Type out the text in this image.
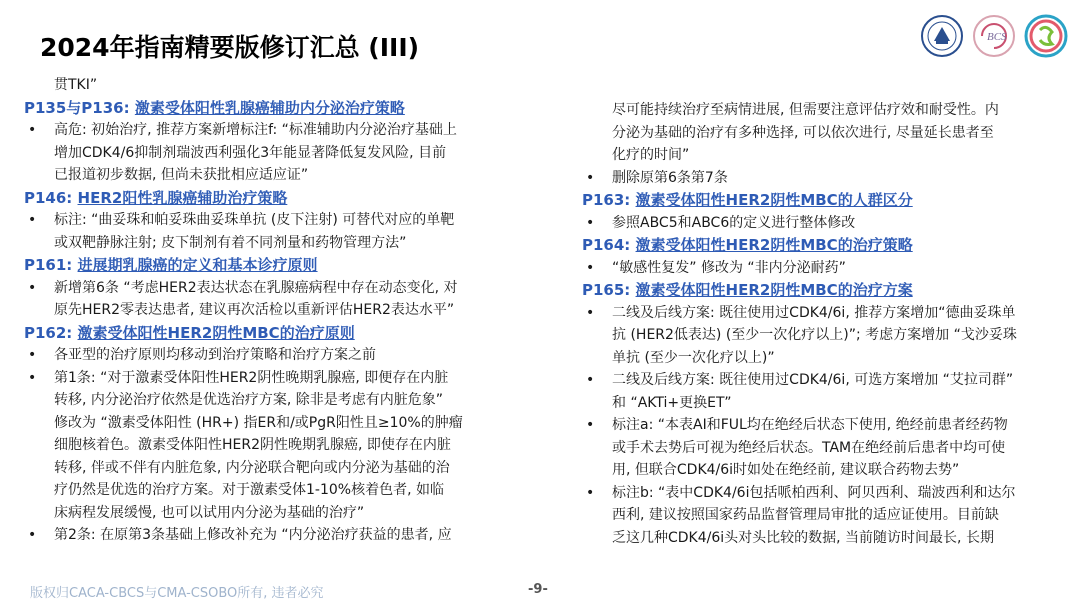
2024年指南精要版修订汇总 (III)	BCS
贯TKI”
P135与P136: 激素受体阳性乳腺癌辅助内分泌治疗策略
• 高危: 初始治疗, 推荐方案新增标注f: “标准辅助内分泌治疗基础上
增加CDK4/6抑制剂瑞波西利强化3年能显著降低复发风险, 目前
已报道初步数据, 但尚未获批相应适应证”
P146: HER2阳性乳腺癌辅助治疗策略
• 标注: “曲妥珠和帕妥珠曲妥珠单抗 (皮下注射) 可替代对应的单靶
或双靶静脉注射; 皮下制剂有着不同剂量和药物管理方法”
P161: 进展期乳腺癌的定义和基本诊疗原则
• 新增第6条 “考虑HER2表达状态在乳腺癌病程中存在动态变化, 对
原先HER2零表达患者, 建议再次活检以重新评估HER2表达水平”
P162: 激素受体阳性HER2阴性MBC的治疗原则
• 各亚型的治疗原则均移动到治疗策略和治疗方案之前
• 第1条: “对于激素受体阳性HER2阴性晚期乳腺癌, 即便存在内脏
转移, 内分泌治疗依然是优选治疗方案, 除非是考虑有内脏危象”
修改为 “激素受体阳性 (HR+) 指ER和/或PgR阳性且≥10%的肿瘤
细胞核着色。激素受体阳性HER2阴性晚期乳腺癌, 即使存在内脏
转移, 伴或不伴有内脏危象, 内分泌联合靶向或内分泌为基础的治
疗仍然是优选的治疗方案。对于激素受体1-10%核着色者, 如临
床病程发展缓慢, 也可以试用内分泌为基础的治疗”
• 第2条: 在原第3条基础上修改补充为 “内分泌治疗获益的患者, 应
尽可能持续治疗至病情进展, 但需要注意评估疗效和耐受性。内
分泌为基础的治疗有多种选择, 可以依次进行, 尽量延长患者至
化疗的时间”
• 删除原第6条第7条
P163: 激素受体阳性HER2阴性MBC的人群区分
• 参照ABC5和ABC6的定义进行整体修改
P164: 激素受体阳性HER2阴性MBC的治疗策略
• “敏感性复发” 修改为 “非内分泌耐药”
P165: 激素受体阳性HER2阴性MBC的治疗方案
• 二线及后线方案: 既往使用过CDK4/6i, 推荐方案增加“德曲妥珠单
抗 (HER2低表达) (至少一次化疗以上)”; 考虑方案增加 “戈沙妥珠
单抗 (至少一次化疗以上)”
• 二线及后线方案: 既往使用过CDK4/6i, 可选方案增加 “艾拉司群”
和 “AKTi+更换ET”
• 标注a: “本表AI和FUL均在绝经后状态下使用, 绝经前患者经药物
或手术去势后可视为绝经后状态。TAM在绝经前后患者中均可使
用, 但联合CDK4/6i时如处在绝经前, 建议联合药物去势”
• 标注b: “表中CDK4/6i包括哌柏西利、阿贝西利、瑞波西利和达尔
西利, 建议按照国家药品监督管理局审批的适应证使用。目前缺
乏这几种CDK4/6i头对头比较的数据, 当前随访时间最长, 长期
版权归CACA-CBCS与CMA-CSOBO所有, 违者必究	-9-
